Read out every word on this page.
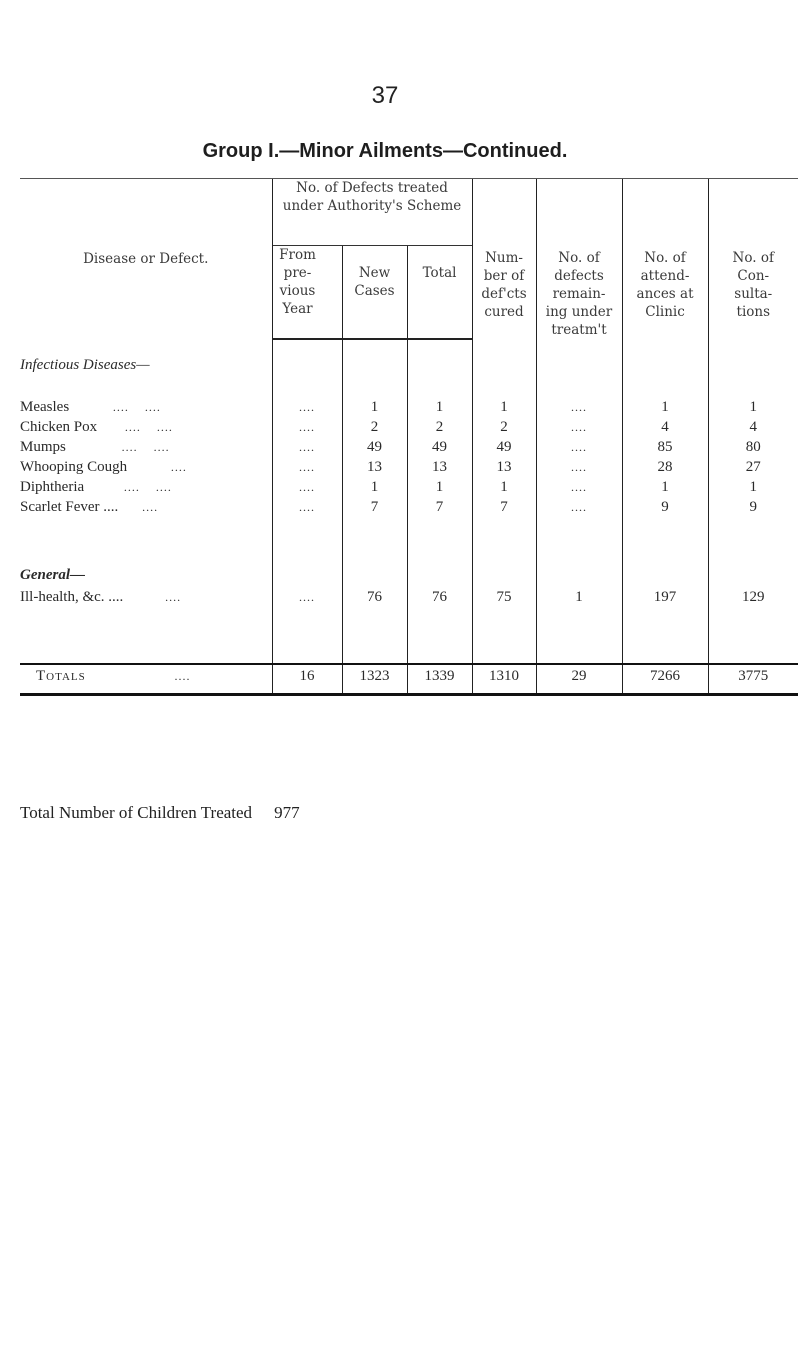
37
Group I.—Minor Ailments—Continued.
Disease or Defect.	No. of Defects treated under Authority's Scheme			Num- ber of def'cts cured	No. of defects remain- ing under treatm't	No. of attend- ances at Clinic	No. of Con- sulta- tions

	From pre- vious Year	New Cases	Total				
Infectious Diseases—							
Measles ....    ....	....	1	1	1	....	1	1
Chicken Pox ....    ....	....	2	2	2	....	4	4
Mumps ....    ....	....	49	49	49	....	85	80
Whooping Cough ....	....	13	13	13	....	28	27
Diphtheria ....    ....	....	1	1	1	....	1	1
Scarlet Fever .... ....	....	7	7	7	....	9	9

General—							
Ill-health, &c. .... ....	....	76	76	75	1	197	129

Totals ....	16	1323	1339	1310	29	7266	3775
Total Number of Children Treated 977
